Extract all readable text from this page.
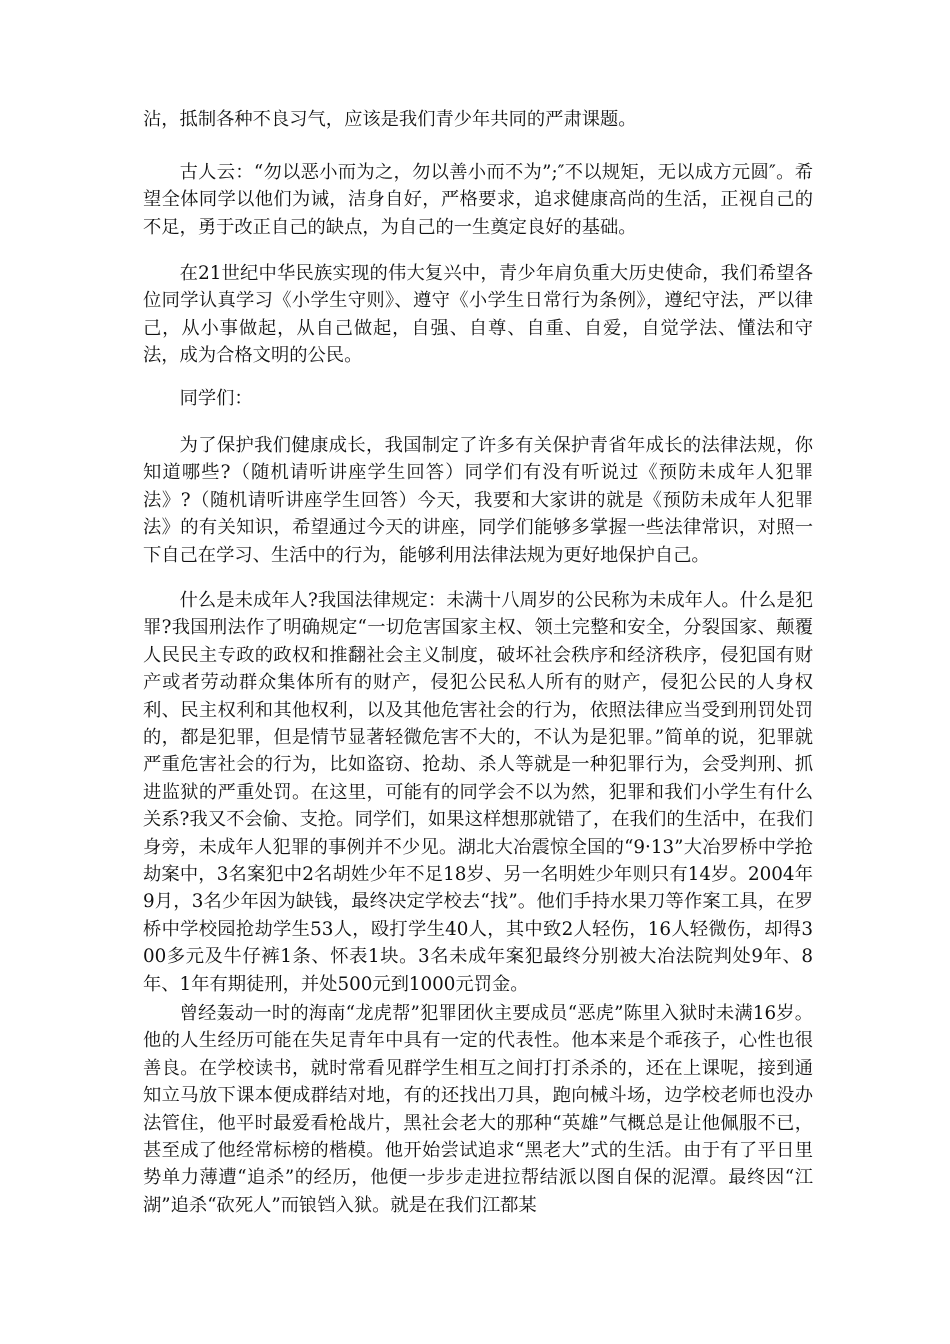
沾，抵制各种不良习气，应该是我们青少年共同的严肃课题。

古人云：“勿以恶小而为之，勿以善小而不为”;″不以规矩，无以成方元圆″。希望全体同学以他们为诫，洁身自好，严格要求，追求健康高尚的生活，正视自己的不足，勇于改正自己的缺点，为自己的一生奠定良好的基础。

在21世纪中华民族实现的伟大复兴中，青少年肩负重大历史使命，我们希望各位同学认真学习《小学生守则》、遵守《小学生日常行为条例》，遵纪守法，严以律己，从小事做起，从自己做起，自强、自尊、自重、自爱，自觉学法、懂法和守法，成为合格文明的公民。

同学们：

为了保护我们健康成长，我国制定了许多有关保护青省年成长的法律法规，你知道哪些?（随机请听讲座学生回答）同学们有没有听说过《预防未成年人犯罪法》?（随机请听讲座学生回答）今天，我要和大家讲的就是《预防未成年人犯罪法》的有关知识，希望通过今天的讲座，同学们能够多掌握一些法律常识，对照一下自己在学习、生活中的行为，能够利用法律法规为更好地保护自己。

什么是未成年人?我国法律规定：未满十八周岁的公民称为未成年人。什么是犯罪?我国刑法作了明确规定“一切危害国家主权、领土完整和安全，分裂国家、颠覆人民民主专政的政权和推翻社会主义制度，破坏社会秩序和经济秩序，侵犯国有财产或者劳动群众集体所有的财产，侵犯公民私人所有的财产，侵犯公民的人身权利、民主权利和其他权利，以及其他危害社会的行为，依照法律应当受到刑罚处罚的，都是犯罪，但是情节显著轻微危害不大的，不认为是犯罪。”简单的说，犯罪就严重危害社会的行为，比如盗窃、抢劫、杀人等就是一种犯罪行为，会受判刑、抓进监狱的严重处罚。在这里，可能有的同学会不以为然，犯罪和我们小学生有什么关系?我又不会偷、支抢。同学们，如果这样想那就错了，在我们的生活中，在我们身旁，未成年人犯罪的事例并不少见。湖北大冶震惊全国的“9·13”大冶罗桥中学抢劫案中，3名案犯中2名胡姓少年不足18岁、另一名明姓少年则只有14岁。2004年9月，3名少年因为缺钱，最终决定学校去“找”。他们手持水果刀等作案工具，在罗桥中学校园抢劫学生53人，殴打学生40人，其中致2人轻伤，16人轻微伤，却得300多元及牛仔裤1条、怀表1块。3名未成年案犯最终分别被大冶法院判处9年、8年、1年有期徒刑，并处500元到1000元罚金。

曾经轰动一时的海南“龙虎帮”犯罪团伙主要成员“恶虎”陈里入狱时未满16岁。他的人生经历可能在失足青年中具有一定的代表性。他本来是个乖孩子，心性也很善良。在学校读书，就时常看见群学生相互之间打打杀杀的，还在上课呢，接到通知立马放下课本便成群结对地，有的还找出刀具，跑向械斗场，边学校老师也没办法管住，他平时最爱看枪战片，黑社会老大的那种“英雄”气概总是让他佩服不已，甚至成了他经常标榜的楷模。他开始尝试追求“黑老大”式的生活。由于有了平日里势单力薄遭“追杀”的经历，他便一步步走进拉帮结派以图自保的泥潭。最终因“江湖”追杀“砍死人”而锒铛入狱。就是在我们江都某
